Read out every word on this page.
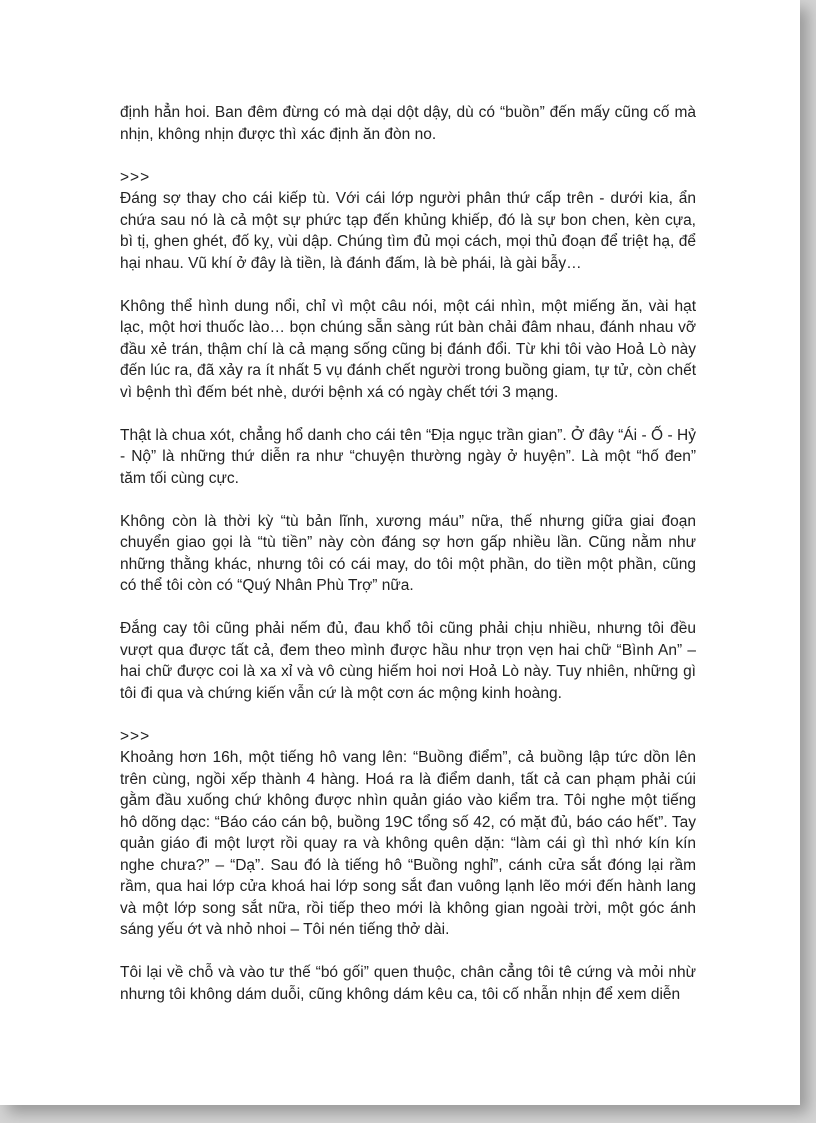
định hẳn hoi. Ban đêm đừng có mà dại dột dậy, dù có “buồn” đến mấy cũng cố mà nhịn, không nhịn được thì xác định ăn đòn no.

>>>

Đáng sợ thay cho cái kiếp tù. Với cái lớp người phân thứ cấp trên - dưới kia, ẩn chứa sau nó là cả một sự phức tạp đến khủng khiếp, đó là sự bon chen, kèn cựa, bì tị, ghen ghét, đố kỵ, vùi dập. Chúng tìm đủ mọi cách, mọi thủ đoạn để triệt hạ, để hại nhau. Vũ khí ở đây là tiền, là đánh đấm, là bè phái, là gài bẫy…

Không thể hình dung nổi, chỉ vì một câu nói, một cái nhìn, một miếng ăn, vài hạt lạc, một hơi thuốc lào… bọn chúng sẵn sàng rút bàn chải đâm nhau, đánh nhau vỡ đầu xẻ trán, thậm chí là cả mạng sống cũng bị đánh đổi. Từ khi tôi vào Hoả Lò này đến lúc ra, đã xảy ra ít nhất 5 vụ đánh chết người trong buồng giam, tự tử, còn chết vì bệnh thì đếm bét nhè, dưới bệnh xá có ngày chết tới 3 mạng.

Thật là chua xót, chẳng hổ danh cho cái tên “Địa ngục trần gian”. Ở đây “Ái - Ố - Hỷ - Nộ” là những thứ diễn ra như “chuyện thường ngày ở huyện”. Là một “hố đen” tăm tối cùng cực.

Không còn là thời kỳ “tù bản lĩnh, xương máu” nữa, thế nhưng giữa giai đoạn chuyển giao gọi là “tù tiền” này còn đáng sợ hơn gấp nhiều lần. Cũng nằm như những thằng khác, nhưng tôi có cái may, do tôi một phần, do tiền một phần, cũng có thể tôi còn có “Quý Nhân Phù Trợ” nữa.

Đắng cay tôi cũng phải nếm đủ, đau khổ tôi cũng phải chịu nhiều, nhưng tôi đều vượt qua được tất cả, đem theo mình được hầu như trọn vẹn hai chữ “Bình An” – hai chữ được coi là xa xỉ và vô cùng hiếm hoi nơi Hoả Lò này. Tuy nhiên, những gì tôi đi qua và chứng kiến vẫn cứ là một cơn ác mộng kinh hoàng.

>>>

Khoảng hơn 16h, một tiếng hô vang lên: “Buồng điểm”, cả buồng lập tức dồn lên trên cùng, ngồi xếp thành 4 hàng. Hoá ra là điểm danh, tất cả can phạm phải cúi gằm đầu xuống chứ không được nhìn quản giáo vào kiểm tra. Tôi nghe một tiếng hô dõng dạc: “Báo cáo cán bộ, buồng 19C tổng số 42, có mặt đủ, báo cáo hết”. Tay quản giáo đi một lượt rồi quay ra và không quên dặn: “làm cái gì thì nhớ kín kín nghe chưa?” – “Dạ”. Sau đó là tiếng hô “Buồng nghỉ”, cánh cửa sắt đóng lại rầm rầm, qua hai lớp cửa khoá hai lớp song sắt đan vuông lạnh lẽo mới đến hành lang và một lớp song sắt nữa, rồi tiếp theo mới là không gian ngoài trời, một góc ánh sáng yếu ớt và nhỏ nhoi – Tôi nén tiếng thở dài.

Tôi lại về chỗ và vào tư thế “bó gối” quen thuộc, chân cẳng tôi tê cứng và mỏi nhừ nhưng tôi không dám duỗi, cũng không dám kêu ca, tôi cố nhẫn nhịn để xem diễn
